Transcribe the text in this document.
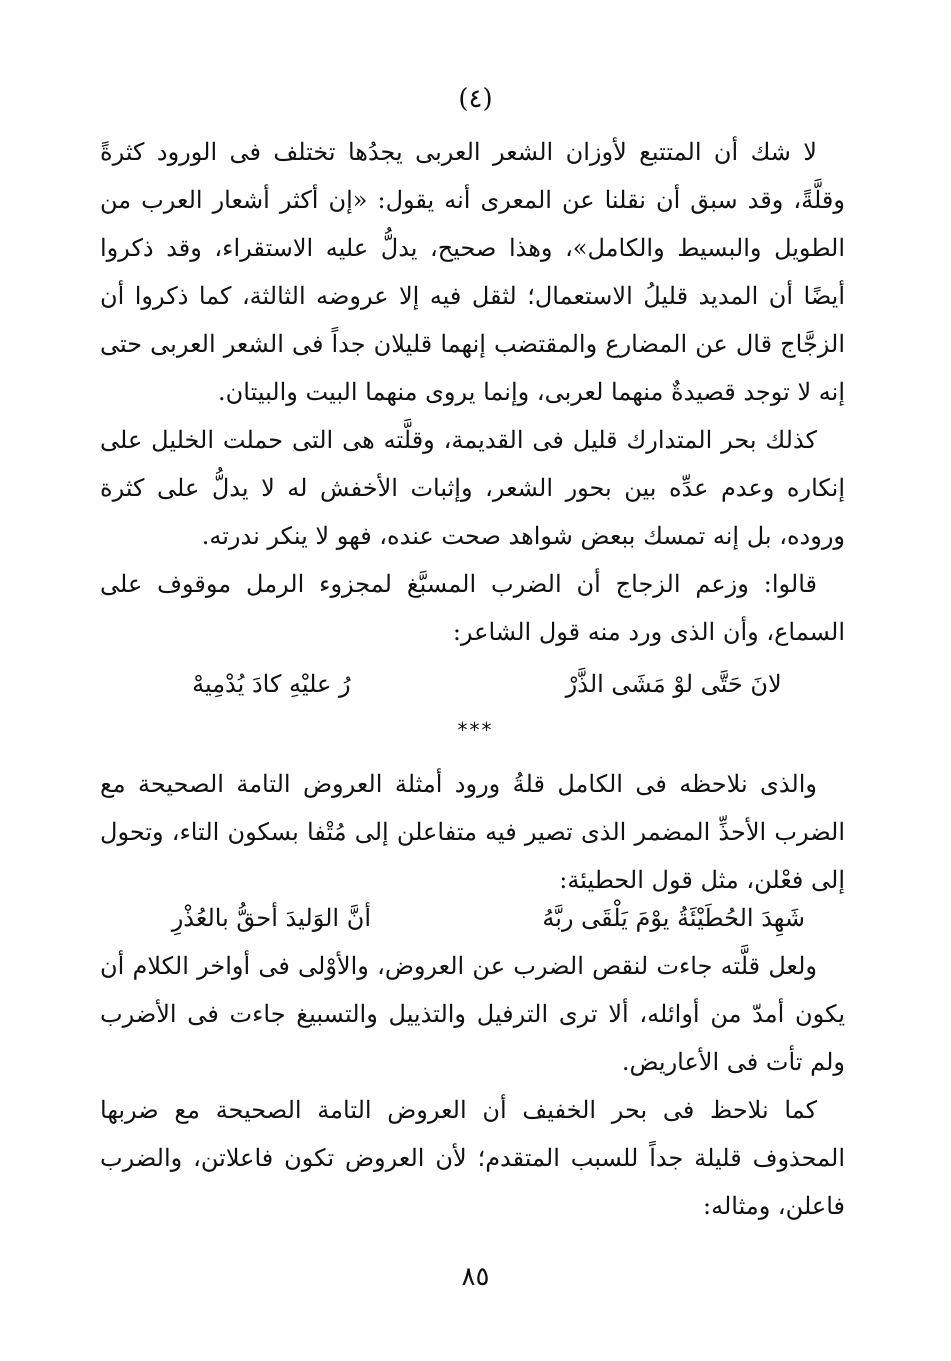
(٤)

لا شك أن المتتبع لأوزان الشعر العربى يجدُها تختلف فى الورود كثرةً وقلَّةً، وقد سبق أن نقلنا عن المعرى أنه يقول: «إن أكثر أشعار العرب من الطويل والبسيط والكامل»، وهذا صحيح، يدلُّ عليه الاستقراء، وقد ذكروا أيضًا أن المديد قليلُ الاستعمال؛ لثقل فيه إلا عروضه الثالثة، كما ذكروا أن الزجَّاج قال عن المضارع والمقتضب إنهما قليلان جداً فى الشعر العربى حتى إنه لا توجد قصيدةٌ منهما لعربى، وإنما يروى منهما البيت والبيتان.

كذلك بحر المتدارك قليل فى القديمة، وقلَّته هى التى حملت الخليل على إنكاره وعدم عدِّه بين بحور الشعر، وإثبات الأخفش له لا يدلُّ على كثرة وروده، بل إنه تمسك ببعض شواهد صحت عنده، فهو لا ينكر ندرته.

قالوا: وزعم الزجاج أن الضرب المسبَّغ لمجزوء الرمل موقوف على السماع، وأن الذى ورد منه قول الشاعر:

لانَ حَتَّى لوْ مَشَى الذَّرْ
رُ عليْهِ كادَ يُدْمِيهْ
***

والذى نلاحظه فى الكامل قلةُ ورود أمثلة العروض التامة الصحيحة مع الضرب الأحذِّ المضمر الذى تصير فيه متفاعلن إلى مُتْفا بسكون التاء، وتحول إلى فعْلن، مثل قول الحطيئة:

شَهِدَ الحُطَيْئَةُ يوْمَ يَلْقَى ربَّهُ
أنَّ الوَليدَ أحقُّ بالعُذْرِ

ولعل قلَّته جاءت لنقص الضرب عن العروض، والأوْلى فى أواخر الكلام أن يكون أمدّ من أوائله، ألا ترى الترفيل والتذييل والتسبيغ جاءت فى الأضرب ولم تأت فى الأعاريض.

كما نلاحظ فى بحر الخفيف أن العروض التامة الصحيحة مع ضربها المحذوف قليلة جداً للسبب المتقدم؛ لأن العروض تكون فاعلاتن، والضرب فاعلن، ومثاله:

٨٥
